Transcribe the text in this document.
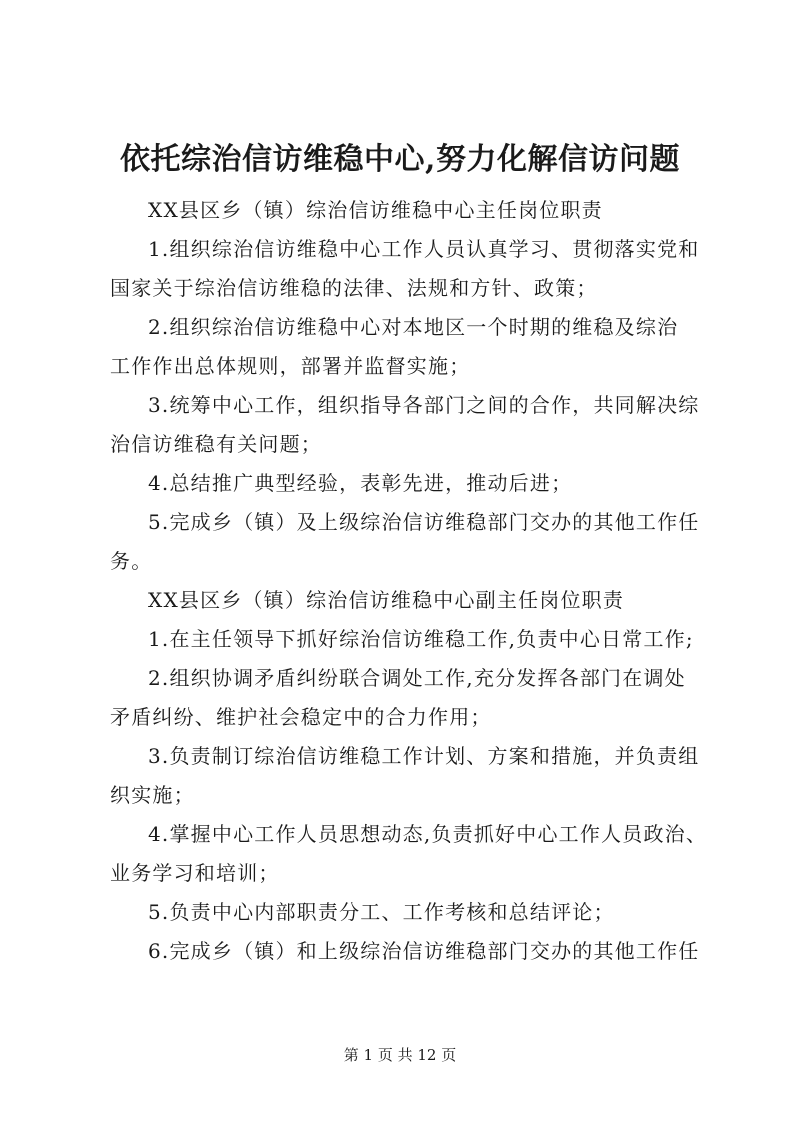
依托综治信访维稳中心,努力化解信访问题
XX县区乡（镇）综治信访维稳中心主任岗位职责
1.组织综治信访维稳中心工作人员认真学习、贯彻落实党和
国家关于综治信访维稳的法律、法规和方针、政策；
2.组织综治信访维稳中心对本地区一个时期的维稳及综治
工作作出总体规则，部署并监督实施；
3.统筹中心工作，组织指导各部门之间的合作，共同解决综
治信访维稳有关问题；
4.总结推广典型经验，表彰先进，推动后进；
5.完成乡（镇）及上级综治信访维稳部门交办的其他工作任
务。
XX县区乡（镇）综治信访维稳中心副主任岗位职责
1.在主任领导下抓好综治信访维稳工作,负责中心日常工作;
2.组织协调矛盾纠纷联合调处工作,充分发挥各部门在调处
矛盾纠纷、维护社会稳定中的合力作用；
3.负责制订综治信访维稳工作计划、方案和措施，并负责组
织实施；
4.掌握中心工作人员思想动态,负责抓好中心工作人员政治、
业务学习和培训；
5.负责中心内部职责分工、工作考核和总结评论；
6.完成乡（镇）和上级综治信访维稳部门交办的其他工作任
第 1 页 共 12 页
